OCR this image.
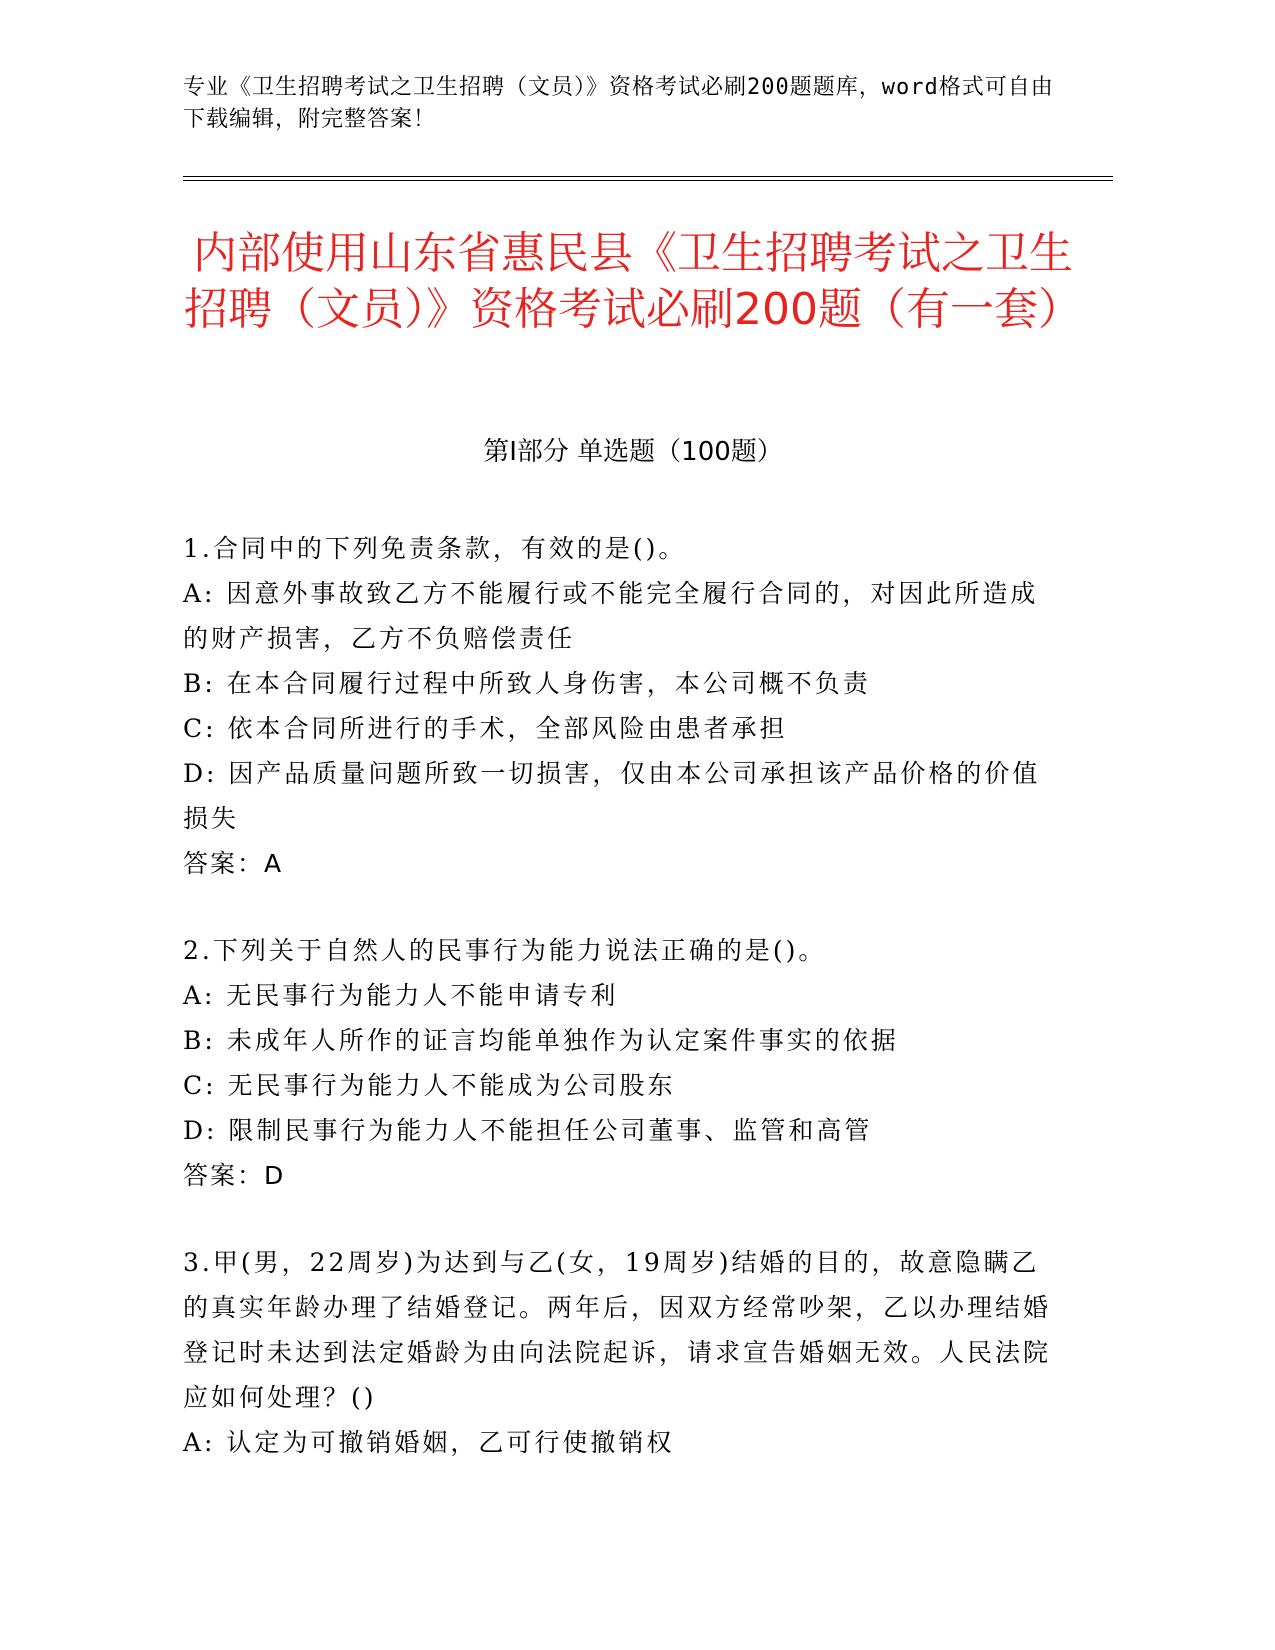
专业《卫生招聘考试之卫生招聘（文员）》资格考试必刷200题题库，word格式可自由下载编辑，附完整答案！

内部使用山东省惠民县《卫生招聘考试之卫生招聘（文员）》资格考试必刷200题（有一套）
第I部分 单选题（100题）

1.合同中的下列免责条款，有效的是()。

A: 因意外事故致乙方不能履行或不能完全履行合同的，对因此所造成的财产损害，乙方不负赔偿责任

B: 在本合同履行过程中所致人身伤害，本公司概不负责

C: 依本合同所进行的手术，全部风险由患者承担

D: 因产品质量问题所致一切损害，仅由本公司承担该产品价格的价值损失

答案：A

2.下列关于自然人的民事行为能力说法正确的是()。

A: 无民事行为能力人不能申请专利

B: 未成年人所作的证言均能单独作为认定案件事实的依据

C: 无民事行为能力人不能成为公司股东

D: 限制民事行为能力人不能担任公司董事、监管和高管

答案：D

3.甲(男，22周岁)为达到与乙(女，19周岁)结婚的目的，故意隐瞒乙的真实年龄办理了结婚登记。两年后，因双方经常吵架，乙以办理结婚登记时未达到法定婚龄为由向法院起诉，请求宣告婚姻无效。人民法院应如何处理？()

A: 认定为可撤销婚姻，乙可行使撤销权
